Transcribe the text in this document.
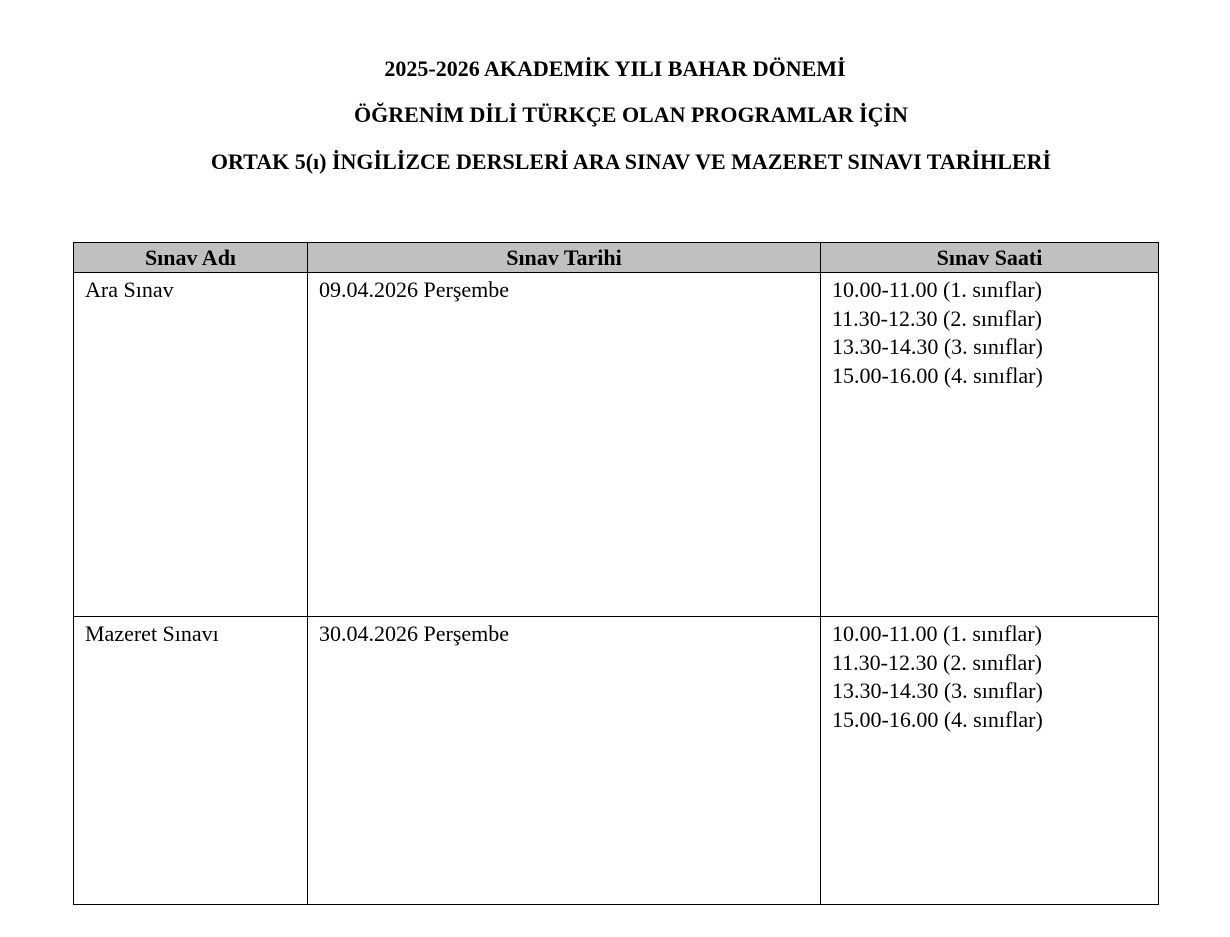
2025-2026 AKADEMİK YILI BAHAR DÖNEMİ
ÖĞRENİM DİLİ TÜRKÇE OLAN PROGRAMLAR İÇİN
ORTAK 5(ı) İNGİLİZCE DERSLERİ ARA SINAV VE MAZERET SINAVI TARİHLERİ
Sınav Adı	Sınav Tarihi	Sınav Saati
Ara Sınav	09.04.2026 Perşembe	10.00-11.00 (1. sınıflar)
11.30-12.30 (2. sınıflar)
13.30-14.30 (3. sınıflar)
15.00-16.00 (4. sınıflar)

Mazeret Sınavı	30.04.2026 Perşembe	10.00-11.00 (1. sınıflar)
11.30-12.30 (2. sınıflar)
13.30-14.30 (3. sınıflar)
15.00-16.00 (4. sınıflar)
